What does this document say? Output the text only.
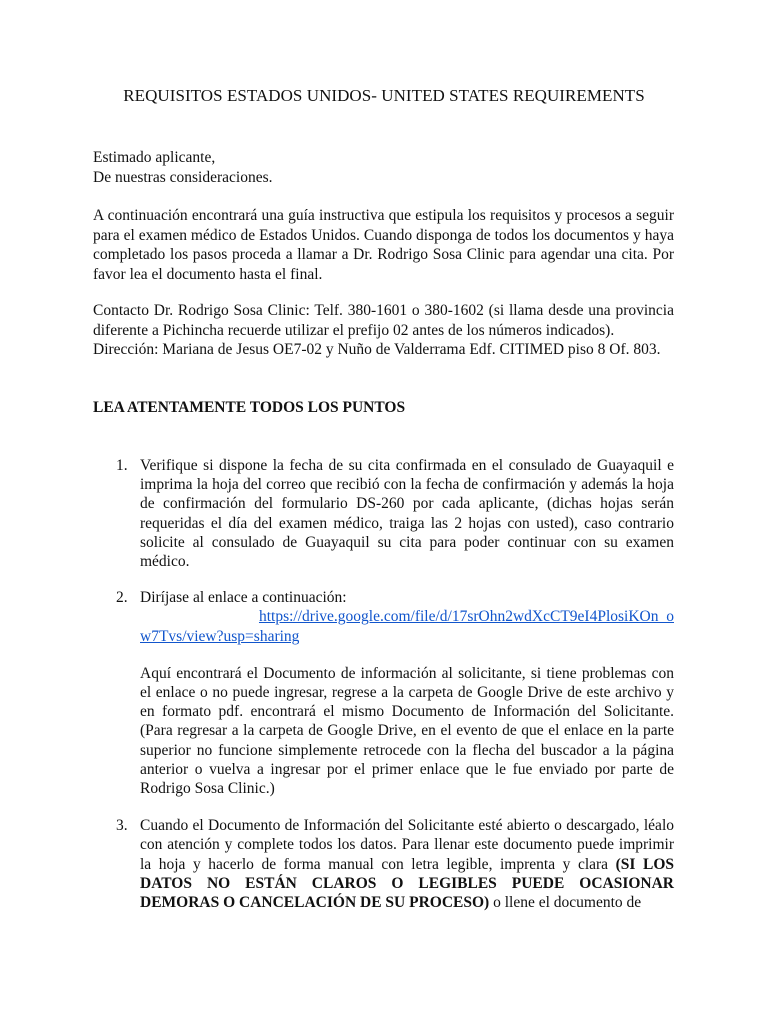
REQUISITOS ESTADOS UNIDOS- UNITED STATES REQUIREMENTS

Estimado aplicante,

De nuestras consideraciones.

A continuación encontrará una guía instructiva que estipula los requisitos y procesos a seguir para el examen médico de Estados Unidos. Cuando disponga de todos los documentos y haya completado los pasos proceda a llamar a Dr. Rodrigo Sosa Clinic para agendar una cita. Por favor lea el documento hasta el final.

Contacto Dr. Rodrigo Sosa Clinic: Telf. 380-1601 o 380-1602 (si llama desde una provincia diferente a Pichincha recuerde utilizar el prefijo 02 antes de los números indicados).

Dirección: Mariana de Jesus OE7-02 y Nuño de Valderrama Edf. CITIMED piso 8 Of. 803.

LEA ATENTAMENTE TODOS LOS PUNTOS
1. Verifique si dispone la fecha de su cita confirmada en el consulado de Guayaquil e imprima la hoja del correo que recibió con la fecha de confirmación y además la hoja de confirmación del formulario DS-260 por cada aplicante, (dichas hojas serán requeridas el día del examen médico, traiga las 2 hojas con usted), caso contrario solicite al consulado de Guayaquil su cita para poder continuar con su examen médico.

2. Diríjase al enlace a continuación:

https://drive.google.com/file/d/17srOhn2wdXcCT9eI4PlosiKOn_o

w7Tvs/view?usp=sharing

Aquí encontrará el Documento de información al solicitante, si tiene problemas con el enlace o no puede ingresar, regrese a la carpeta de Google Drive de este archivo y en formato pdf. encontrará el mismo Documento de Información del Solicitante. (Para regresar a la carpeta de Google Drive, en el evento de que el enlace en la parte superior no funcione simplemente retrocede con la flecha del buscador a la página anterior o vuelva a ingresar por el primer enlace que le fue enviado por parte de Rodrigo Sosa Clinic.)

3. Cuando el Documento de Información del Solicitante esté abierto o descargado, léalo con atención y complete todos los datos. Para llenar este documento puede imprimir la hoja y hacerlo de forma manual con letra legible, imprenta y clara (SI LOS DATOS NO ESTÁN CLAROS O LEGIBLES PUEDE OCASIONAR DEMORAS O CANCELACIÓN DE SU PROCESO) o llene el documento de
